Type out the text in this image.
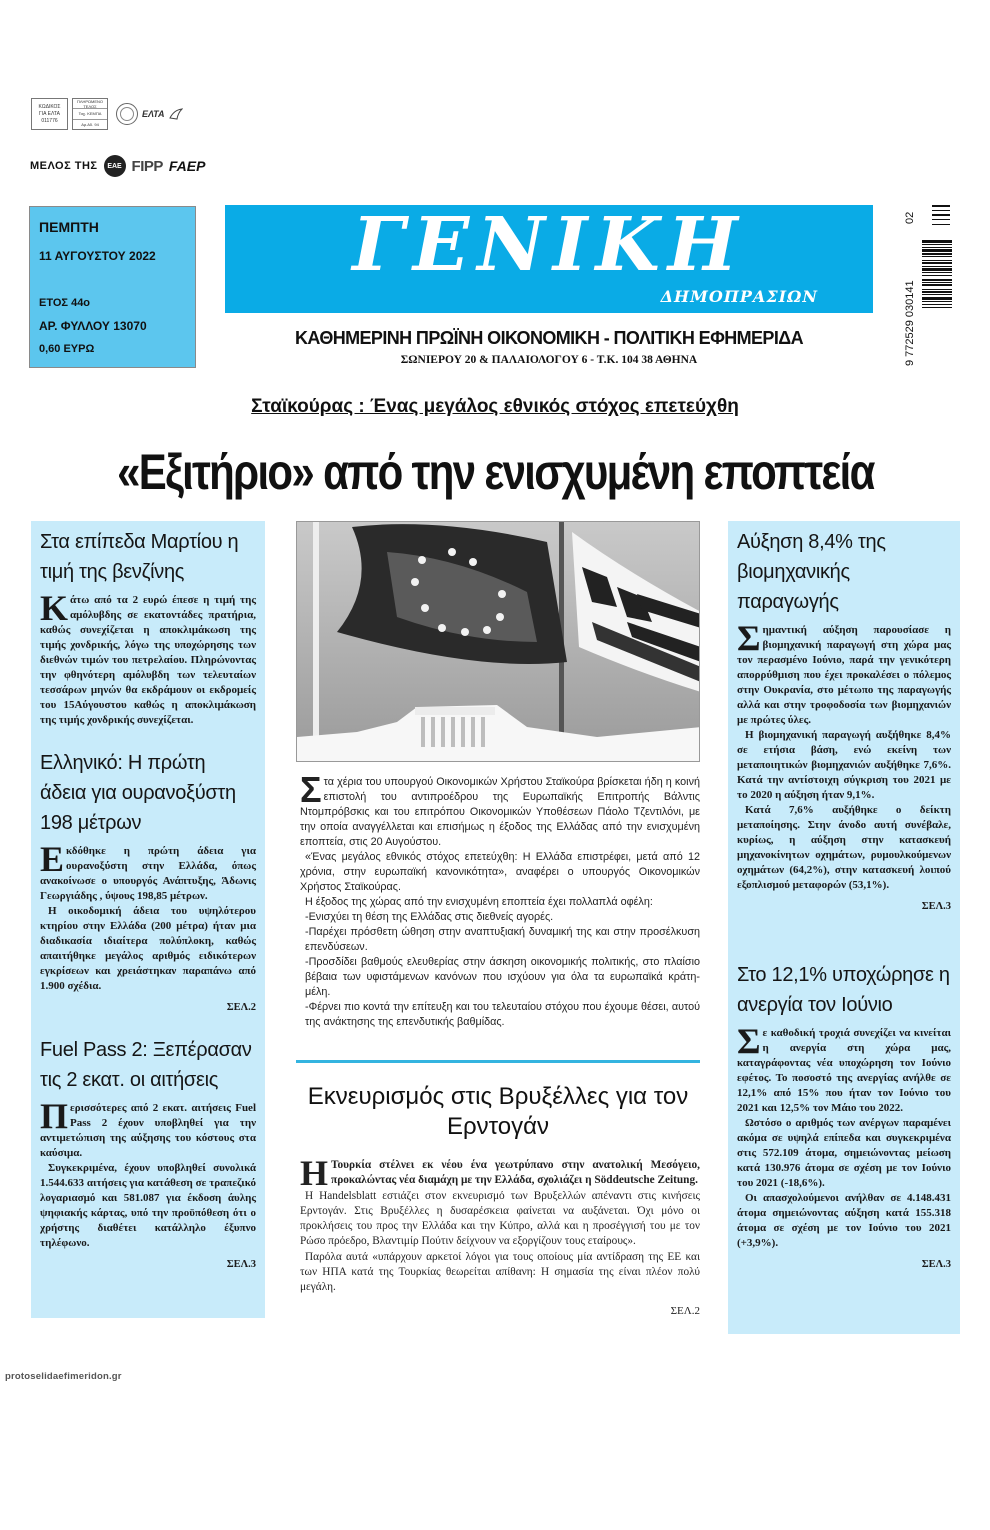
ΚΩΔΙΚΟΣ
ΓΙΑ ΕΛΤΑ
011776
ΠΛΗΡΩΜΕΝΟ ΤΕΛΟΣ
Ταχ. ΚΕΜΠΑ
Αρ.Αδ. 94
ΕΛΤΑ
ΜΕΛΟΣ ΤΗΣ	EAE FIPP FAEP
ΠΕΜΠΤΗ
11 ΑΥΓΟΥΣΤΟΥ 2022
ΕΤΟΣ 44ο
ΑΡ. ΦΥΛΛΟΥ 13070
0,60 ΕΥΡΩ
ΓΕΝΙΚΗ
ΔΗΜΟΠΡΑΣΙΩΝ
ΚΑΘΗΜΕΡΙΝΗ ΠΡΩΪΝΗ ΟΙΚΟΝΟΜΙΚΗ - ΠΟΛΙΤΙΚΗ ΕΦΗΜΕΡΙΔΑ
ΣΩΝΙΕΡΟΥ 20 & ΠΑΛΑΙΟΛΟΓΟΥ 6 - Τ.Κ. 104 38 ΑΘΗΝΑ	9 772529 030141
02
Σταϊκούρας : Ένας μεγάλος εθνικός στόχος επετεύχθη
«Εξιτήριο» από την ενισχυμένη εποπτεία
Στα επίπεδα Μαρτίου η τιμή της βενζίνης

Κάτω από τα 2 ευρώ έπεσε η τιμή της αμόλυβδης σε εκατοντάδες πρατήρια, καθώς συνεχίζεται η αποκλιμάκωση της τιμής χονδρικής, λόγω της υποχώρησης των διεθνών τιμών του πετρελαίου. Πληρώνοντας την φθηνότερη αμόλυβδη των τελευταίων τεσσάρων μηνών θα εκδράμουν οι εκδρομείς του 15Αύγουστου καθώς η αποκλιμάκωση της τιμής χονδρικής συνεχίζεται.

Ελληνικό: Η πρώτη άδεια για ουρανοξύστη 198 μέτρων

Εκδόθηκε η πρώτη άδεια για ουρανοξύστη στην Ελλάδα, όπως ανακοίνωσε ο υπουργός Ανάπτυξης, Άδωνις Γεωργιάδης , ύψους 198,85 μέτρων.

Η οικοδομική άδεια του υψηλότερου κτηρίου στην Ελλάδα (200 μέτρα) ήταν μια διαδικασία ιδιαίτερα πολύπλοκη, καθώς απαιτήθηκε μεγάλος αριθμός ειδικότερων εγκρίσεων και χρειάστηκαν παραπάνω από 1.900 σχέδια.

ΣΕΛ.2
Fuel Pass 2: Ξεπέρασαν τις 2 εκατ. οι αιτήσεις

Περισσότερες από 2 εκατ. αιτήσεις Fuel Pass 2 έχουν υποβληθεί για την αντιμετώπιση της αύξησης του κόστους στα καύσιμα.

Συγκεκριμένα, έχουν υποβληθεί συνολικά 1.544.633 αιτήσεις για κατάθεση σε τραπεζικό λογαριασμό και 581.087 για έκδοση άυλης ψηφιακής κάρτας, υπό την προϋπόθεση ότι ο χρήστης διαθέτει κατάλληλο έξυπνο τηλέφωνο.

ΣΕΛ.3

Στα χέρια του υπουργού Οικονομικών Χρήστου Σταϊκούρα βρίσκεται ήδη η κοινή επιστολή του αντιπροέδρου της Ευρωπαϊκής Επιτροπής Βάλντις Ντομπρόβσκις και του επιτρόπου Οικονομικών Υποθέσεων Πάολο Τζεντιλόνι, με την οποία αναγγέλλεται και επισήμως η έξοδος της Ελλάδας από την ενισχυμένη εποπτεία, στις 20 Αυγούστου.

«Ένας μεγάλος εθνικός στόχος επετεύχθη: Η Ελλάδα επιστρέφει, μετά από 12 χρόνια, στην ευρωπαϊκή κανονικότητα», αναφέρει ο υπουργός Οικονομικών Χρήστος Σταϊκούρας.

Η έξοδος της χώρας από την ενισχυμένη εποπτεία έχει πολλαπλά οφέλη:

-Ενισχύει τη θέση της Ελλάδας στις διεθνείς αγορές.

-Παρέχει πρόσθετη ώθηση στην αναπτυξιακή δυναμική της και στην προσέλκυση επενδύσεων.

-Προσδίδει βαθμούς ελευθερίας στην άσκηση οικονομικής πολιτικής, στο πλαίσιο βέβαια των υφιστάμενων κανόνων που ισχύουν για όλα τα ευρωπαϊκά κράτη- μέλη.

-Φέρνει πιο κοντά την επίτευξη και του τελευταίου στόχου που έχουμε θέσει, αυτού της ανάκτησης της επενδυτικής βαθμίδας.

Εκνευρισμός στις Βρυξέλλες για τον Ερντογάν

Η Τουρκία στέλνει εκ νέου ένα γεωτρύπανο στην ανατολική Μεσόγειο, προκαλώντας νέα διαμάχη με την Ελλάδα, σχολιάζει η Söddeutsche Zeitung.

Η Handelsblatt εστιάζει στον εκνευρισμό των Βρυξελλών απέναντι στις κινήσεις Ερντογάν. Στις Βρυξέλλες η δυσαρέσκεια φαίνεται να αυξάνεται. Όχι μόνο οι προκλήσεις του προς την Ελλάδα και την Κύπρο, αλλά και η προσέγγισή του με τον Ρώσο πρόεδρο, Βλαντιμίρ Πούτιν δείχνουν να εξοργίζουν τους εταίρους».

Παρόλα αυτά «υπάρχουν αρκετοί λόγοι για τους οποίους μία αντίδραση της ΕΕ και των ΗΠΑ κατά της Τουρκίας θεωρείται απίθανη: Η σημασία της είναι πλέον πολύ μεγάλη.

ΣΕΛ.2
Αύξηση 8,4% της βιομηχανικής παραγωγής

Σημαντική αύξηση παρουσίασε η βιομηχανική παραγωγή στη χώρα μας τον περασμένο Ιούνιο, παρά την γενικότερη απορρύθμιση που έχει προκαλέσει ο πόλεμος στην Ουκρανία, στο μέτωπο της παραγωγής αλλά και στην τροφοδοσία των βιομηχανιών με πρώτες ύλες.

Η βιομηχανική παραγωγή αυξήθηκε 8,4% σε ετήσια βάση, ενώ εκείνη των μεταποιητικών βιομηχανιών αυξήθηκε 7,6%. Κατά την αντίστοιχη σύγκριση του 2021 με το 2020 η αύξηση ήταν 9,1%.

Κατά 7,6% αυξήθηκε ο δείκτη μεταποίησης. Στην άνοδο αυτή συνέβαλε, κυρίως, η αύξηση στην κατασκευή μηχανοκίνητων οχημάτων, ρυμουλκούμενων οχημάτων (64,2%), στην κατασκευή λοιπού εξοπλισμού μεταφορών (53,1%).

ΣΕΛ.3
Στο 12,1% υποχώρησε η ανεργία τον Ιούνιο

Σε καθοδική τροχιά συνεχίζει να κινείται η ανεργία στη χώρα μας, καταγράφοντας νέα υποχώρηση τον Ιούνιο εφέτος. Το ποσοστό της ανεργίας ανήλθε σε 12,1% από 15% που ήταν τον Ιούνιο του 2021 και 12,5% τον Μάιο του 2022.

Ωστόσο ο αριθμός των ανέργων παραμένει ακόμα σε υψηλά επίπεδα και συγκεκριμένα στις 572.109 άτομα, σημειώνοντας μείωση κατά 130.976 άτομα σε σχέση με τον Ιούνιο του 2021 (-18,6%).

Οι απασχολούμενοι ανήλθαν σε 4.148.431 άτομα σημειώνοντας αύξηση κατά 155.318 άτομα σε σχέση με τον Ιούνιο του 2021 (+3,9%).

ΣΕΛ.3
protoselidaefimeridon.gr
